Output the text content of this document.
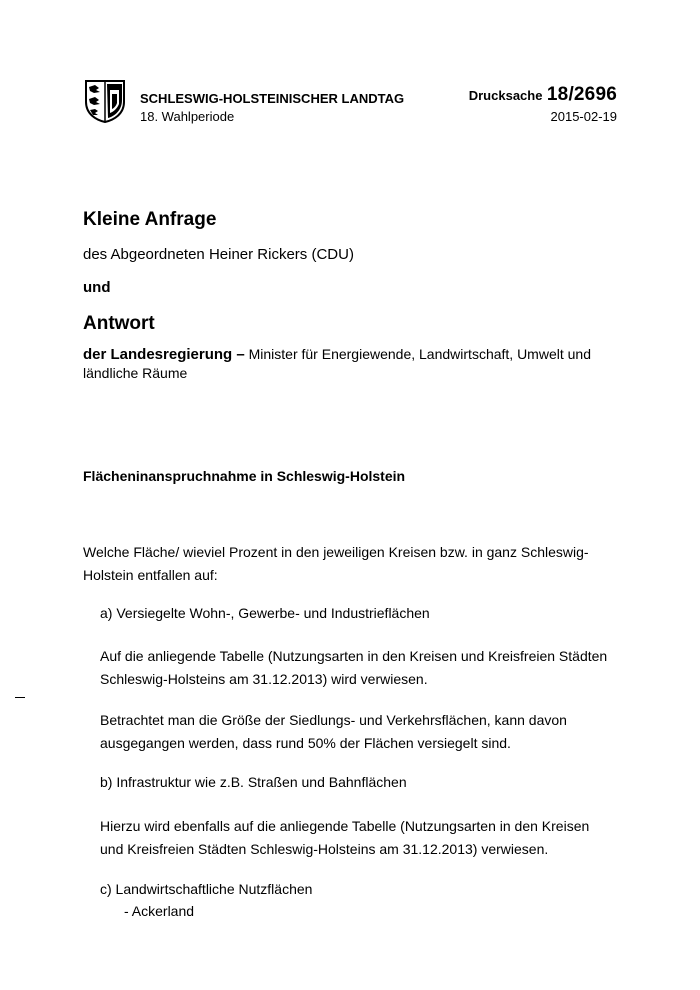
SCHLESWIG-HOLSTEINISCHER LANDTAG
18. Wahlperiode
Drucksache 18/2696
2015-02-19
Kleine Anfrage
des Abgeordneten Heiner Rickers (CDU)
und
Antwort
der Landesregierung – Minister für Energiewende, Landwirtschaft, Umwelt und ländliche Räume
Flächeninanspruchnahme in Schleswig-Holstein
Welche Fläche/ wieviel Prozent in den jeweiligen Kreisen bzw. in ganz Schleswig-Holstein entfallen auf:
a) Versiegelte Wohn-, Gewerbe- und Industrieflächen
Auf die anliegende Tabelle (Nutzungsarten in den Kreisen und Kreisfreien Städten Schleswig-Holsteins am 31.12.2013) wird verwiesen.
Betrachtet man die Größe der Siedlungs- und Verkehrsflächen, kann davon ausgegangen werden, dass rund 50% der Flächen versiegelt sind.
b) Infrastruktur wie z.B. Straßen und Bahnflächen
Hierzu wird ebenfalls auf die anliegende Tabelle (Nutzungsarten in den Kreisen und Kreisfreien Städten Schleswig-Holsteins am 31.12.2013) verwiesen.
c) Landwirtschaftliche Nutzflächen
- Ackerland
